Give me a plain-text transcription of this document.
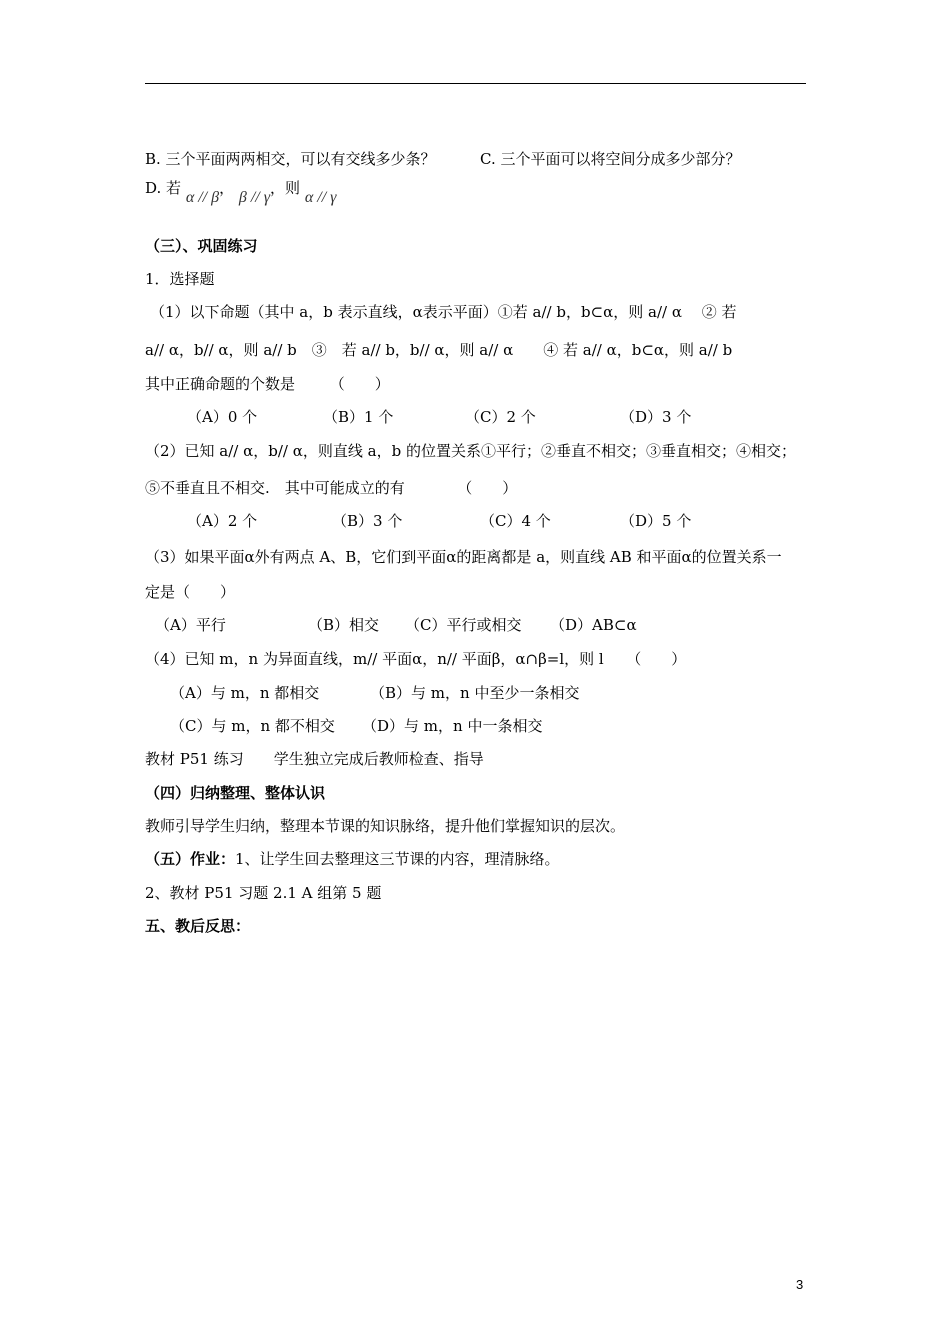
B. 三个平面两两相交，可以有交线多少条？	C. 三个平面可以将空间分成多少部分？
D. 若 α // β， β // γ，则 α // γ
（三）、巩固练习
1．选择题
（1）以下命题（其中 a，b 表示直线，α表示平面）①若 a// b，b⊂α，则 a// α　 ② 若
a// α，b// α，则 a// b　③　若 a// b，b// α，则 a// α　　④ 若 a// α，b⊂α，则 a// b
其中正确命题的个数是　　 （　　）
（A）0 个	（B）1 个	（C）2 个	（D）3 个
（2）已知 a// α，b// α，则直线 a，b 的位置关系①平行；②垂直不相交；③垂直相交；④相交；
⑤不垂直且不相交.　其中可能成立的有　　　　（　　）
（A）2 个	（B）3 个	（C）4 个	（D）5 个
（3）如果平面α外有两点 A、B，它们到平面α的距离都是 a，则直线 AB 和平面α的位置关系一
定是（　　）
（A）平行	（B）相交 （C）平行或相交 （D）AB⊂α
（4）已知 m，n 为异面直线，m// 平面α，n// 平面β，α∩β=l，则 l　　（　　）
（A）与 m，n 都相交	（B）与 m，n 中至少一条相交
（C）与 m，n 都不相交 （D）与 m，n 中一条相交
教材 P51 练习　　学生独立完成后教师检查、指导
（四）归纳整理、整体认识
教师引导学生归纳，整理本节课的知识脉络，提升他们掌握知识的层次。
（五）作业：1、让学生回去整理这三节课的内容，理清脉络。
2、教材 P51 习题 2.1 A 组第 5 题
五、教后反思：
3
